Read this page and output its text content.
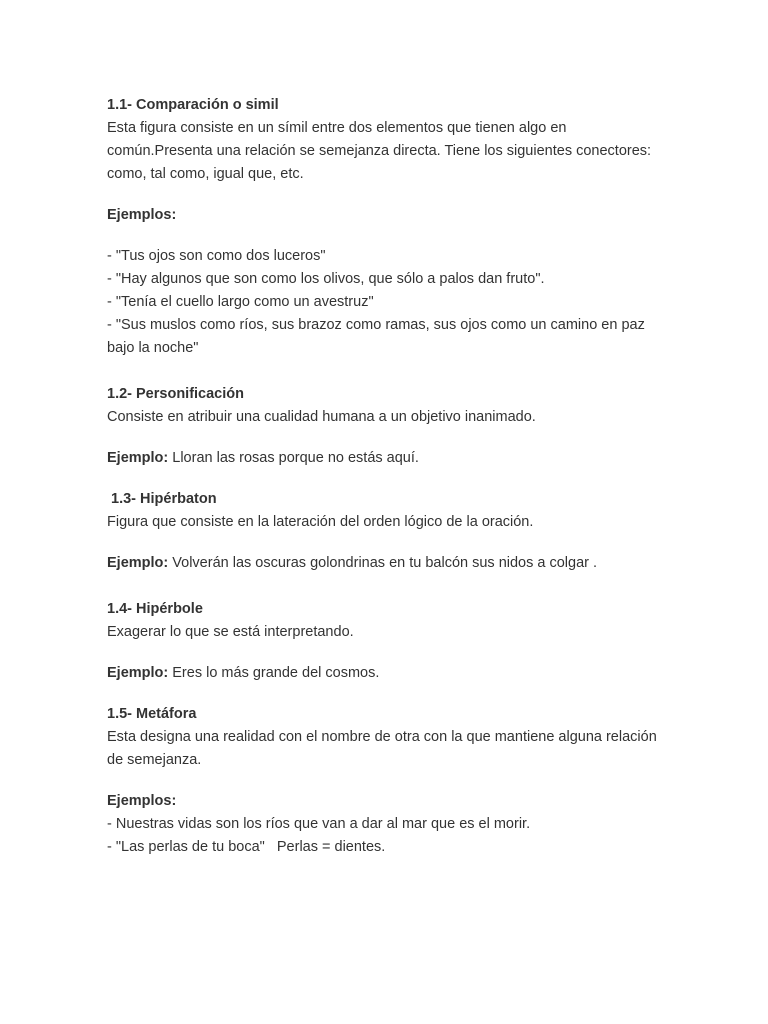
1.1- Comparación o simil

Esta figura consiste en un símil entre dos elementos que tienen algo en común.Presenta una relación se semejanza directa. Tiene los siguientes conectores: como, tal como, igual que, etc.

Ejemplos:

- "Tus ojos son como dos luceros"

- "Hay algunos que son como los olivos, que sólo a palos dan fruto".

- "Tenía el cuello largo como un avestruz"

- "Sus muslos como ríos, sus brazoz como ramas, sus ojos como un camino en paz bajo la noche"

1.2- Personificación

Consiste en atribuir una cualidad humana a un objetivo inanimado.

Ejemplo: Lloran las rosas porque no estás aquí.

1.3- Hipérbaton

Figura que consiste en la lateración del orden lógico de la oración.

Ejemplo: Volverán las oscuras golondrinas en tu balcón sus nidos a colgar .

1.4- Hipérbole

Exagerar lo que se está interpretando.

Ejemplo: Eres lo más grande del cosmos.

1.5- Metáfora

Esta designa una realidad con el nombre de otra con la que mantiene alguna relación de semejanza.

Ejemplos:

- Nuestras vidas son los ríos que van a dar al mar que es el morir.

- "Las perlas de tu boca"   Perlas = dientes.
